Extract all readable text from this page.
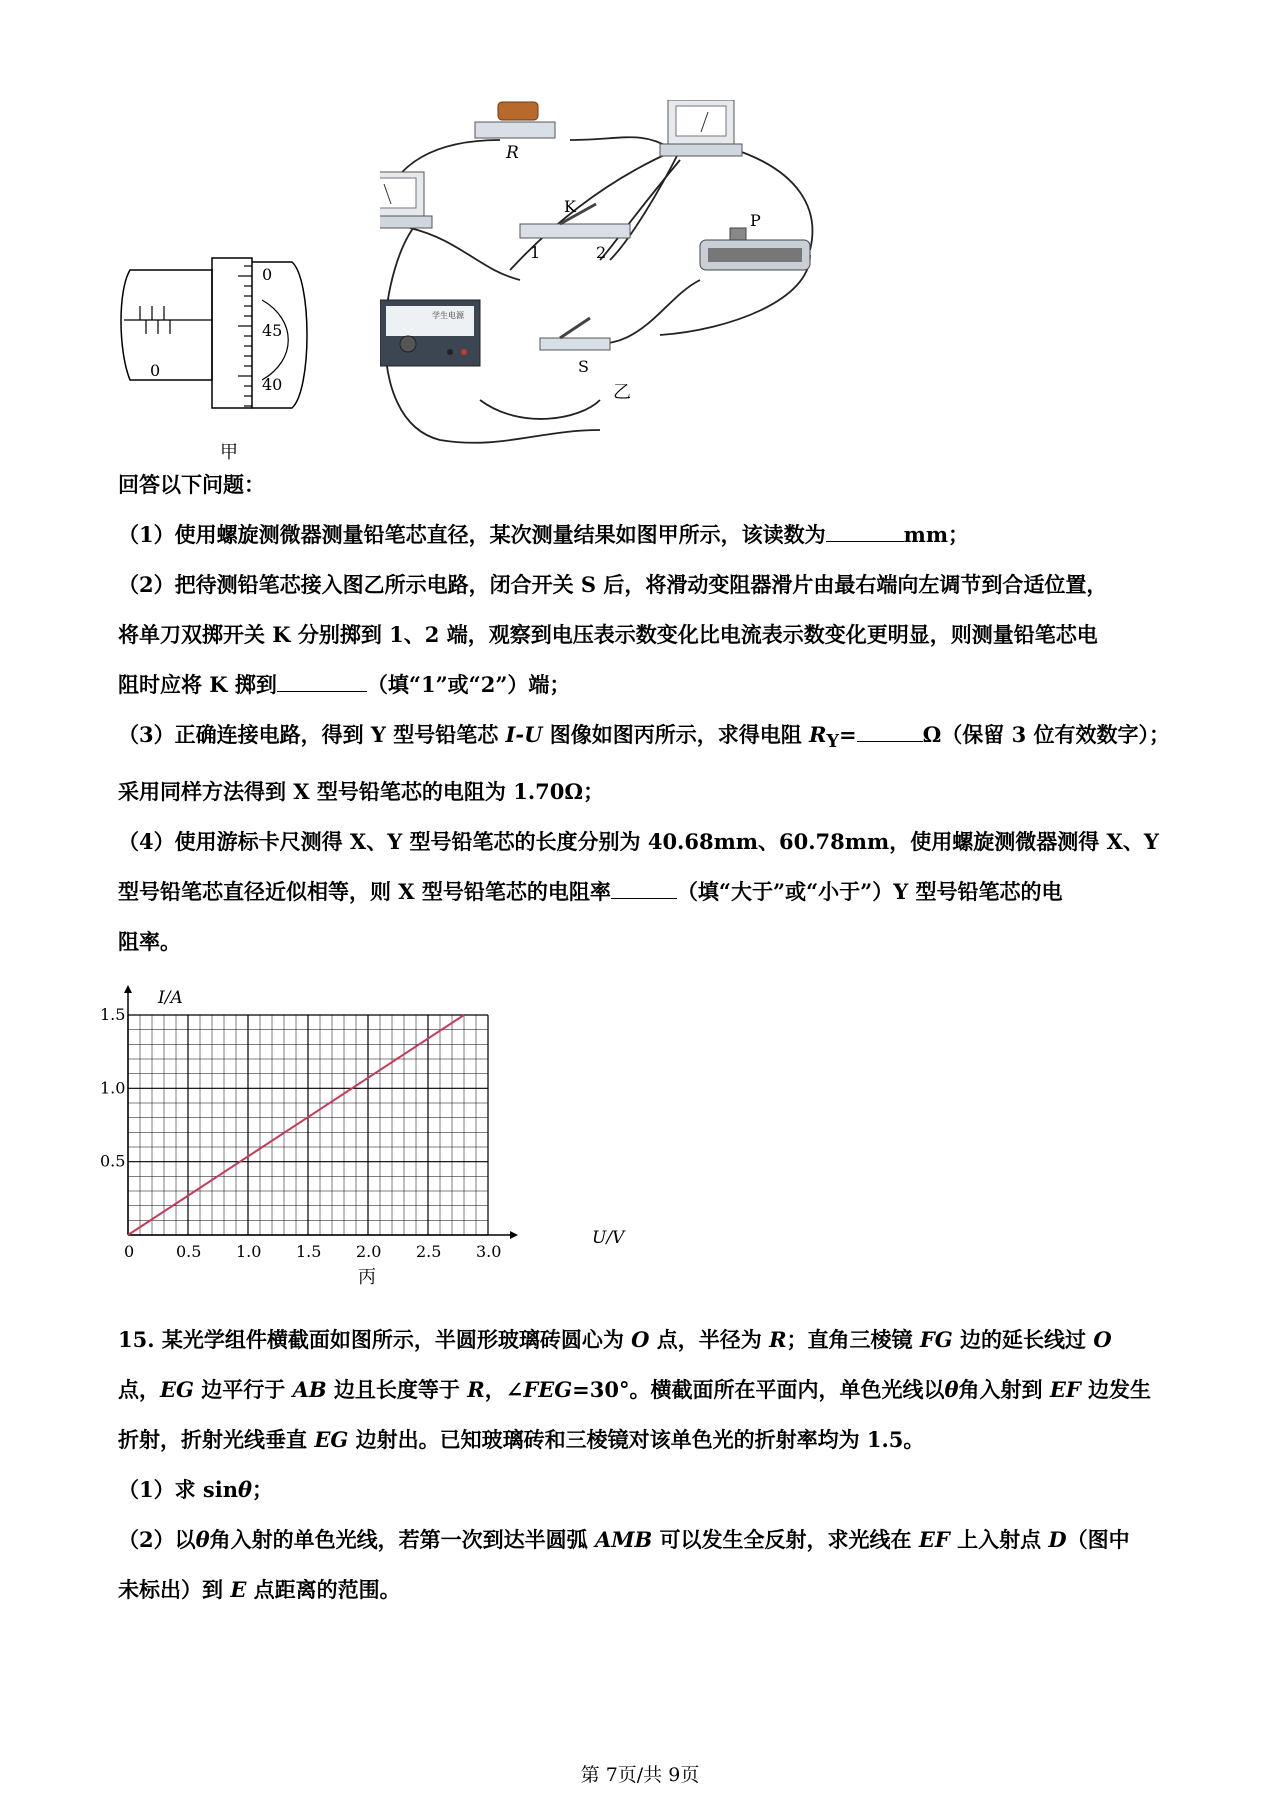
0
45
40
0
甲
R
K
1	2
P
学生电源
S
乙

回答以下问题：

（1）使用螺旋测微器测量铅笔芯直径，某次测量结果如图甲所示，该读数为	mm；

（2）把待测铅笔芯接入图乙所示电路，闭合开关 S 后，将滑动变阻器滑片由最右端向左调节到合适位置，

将单刀双掷开关 K 分别掷到 1、2 端，观察到电压表示数变化比电流表示数变化更明显，则测量铅笔芯电

阻时应将 K 掷到	（填“1”或“2”）端；

（3）正确连接电路，得到 Y 型号铅笔芯 I-U 图像如图丙所示，求得电阻 $R_Y=$	Ω（保留 3 位有效数字）；

采用同样方法得到 X 型号铅笔芯的电阻为 1.70Ω；

（4）使用游标卡尺测得 X、Y 型号铅笔芯的长度分别为 40.68mm、60.78mm，使用螺旋测微器测得 X、Y

型号铅笔芯直径近似相等，则 X 型号铅笔芯的电阻率	（填“大于”或“小于”）Y 型号铅笔芯的电

阻率。

0	0.5 1.0 1.5 2.0 2.5 3.0
0.5
1.0
1.5
I/A
U/V
丙

15. 某光学组件横截面如图所示，半圆形玻璃砖圆心为 O 点，半径为 R；直角三棱镜 FG 边的延长线过 O

点，EG 边平行于 AB 边且长度等于 R，∠FEG=30°。横截面所在平面内，单色光线以θ角入射到 EF 边发生

折射，折射光线垂直 EG 边射出。已知玻璃砖和三棱镜对该单色光的折射率均为 1.5。

（1）求 sinθ；

（2）以θ角入射的单色光线，若第一次到达半圆弧 AMB 可以发生全反射，求光线在 EF 上入射点 D（图中

未标出）到 E 点距离的范围。

第 7页/共 9页
